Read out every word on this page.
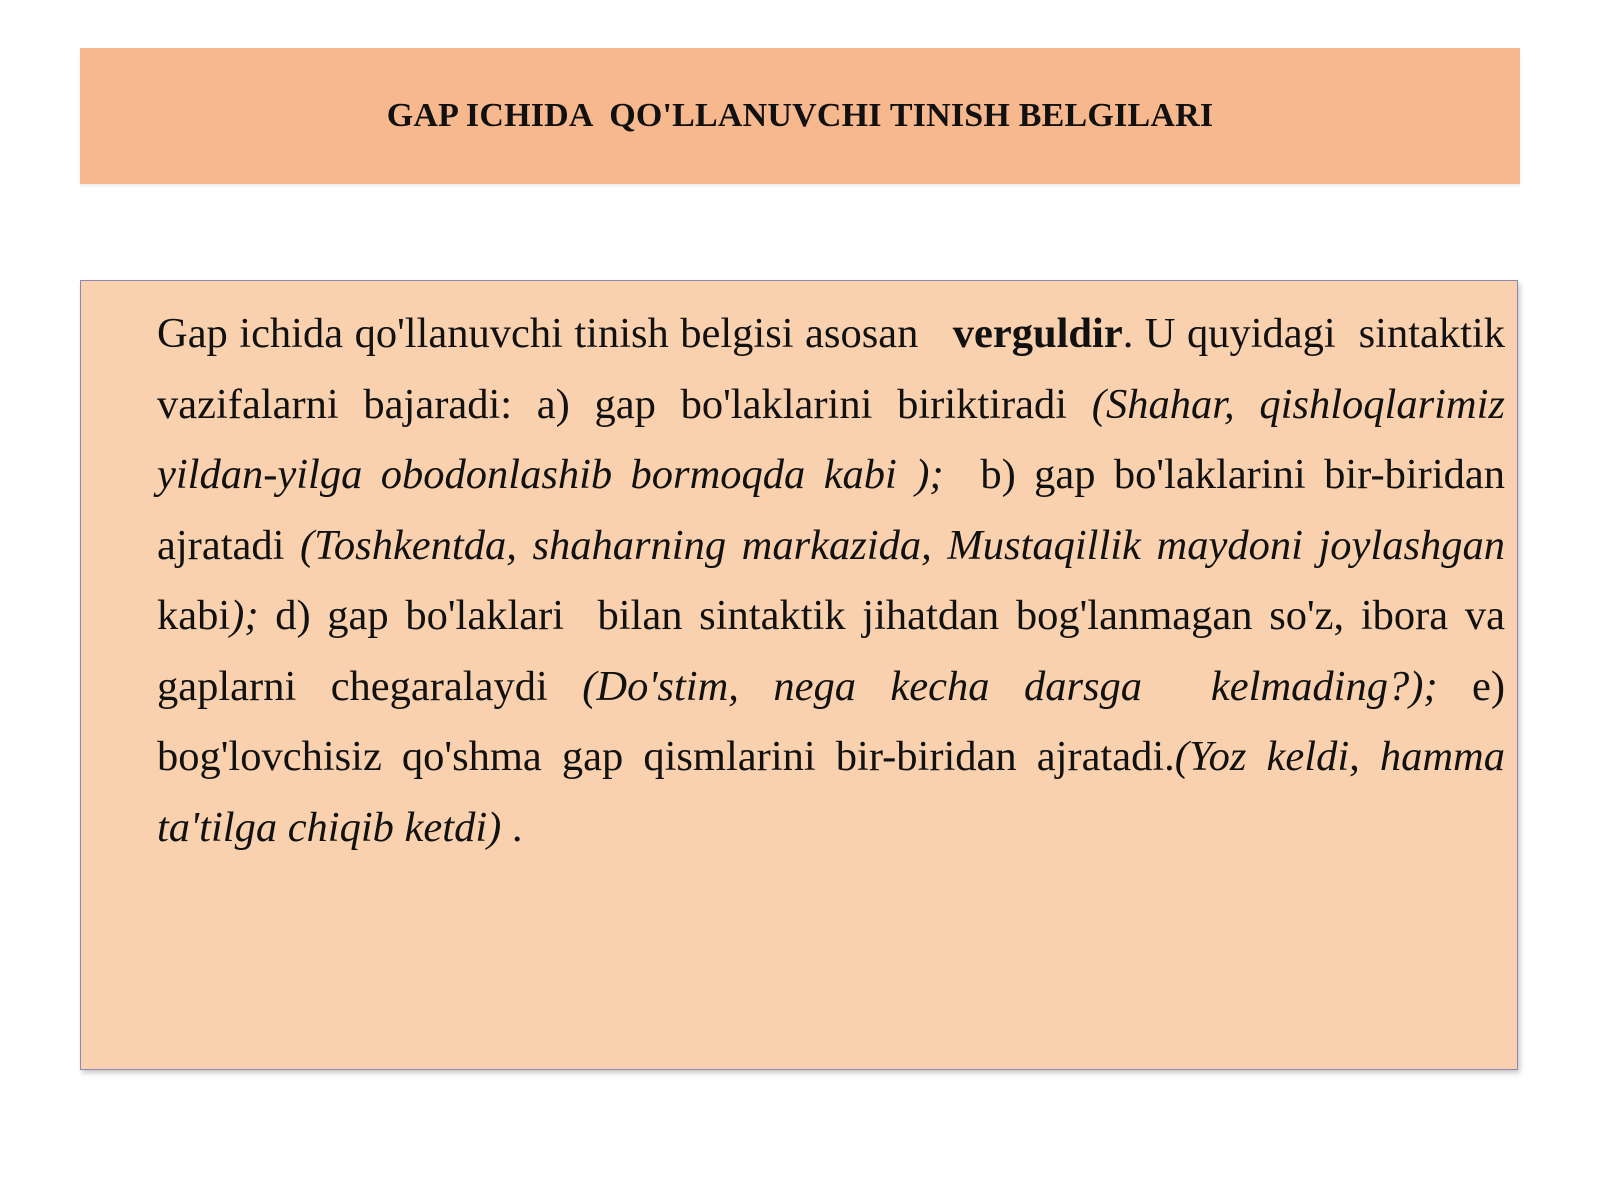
GAP ICHIDA  QO'LLANUVCHI TINISH BELGILARI

Gap ichida qo'llanuvchi tinish belgisi asosan   verguldir. U quyidagi  sintaktik vazifalarni bajaradi: a) gap bo'laklarini biriktiradi (Shahar, qishloqlarimiz yildan-yilga obodonlashib bormoqda kabi );  b) gap bo'laklarini bir-biridan ajratadi (Toshkentda, shaharning markazida, Mustaqillik maydoni joylashgan kabi); d) gap bo'laklari  bilan sintaktik jihatdan bog'lanmagan so'z, ibora va gaplarni chegaralaydi (Do'stim, nega kecha darsga  kelmading?); e) bog'lovchisiz qo'shma gap qismlarini bir-biridan ajratadi.(Yoz keldi, hamma  ta'tilga chiqib ketdi) .
